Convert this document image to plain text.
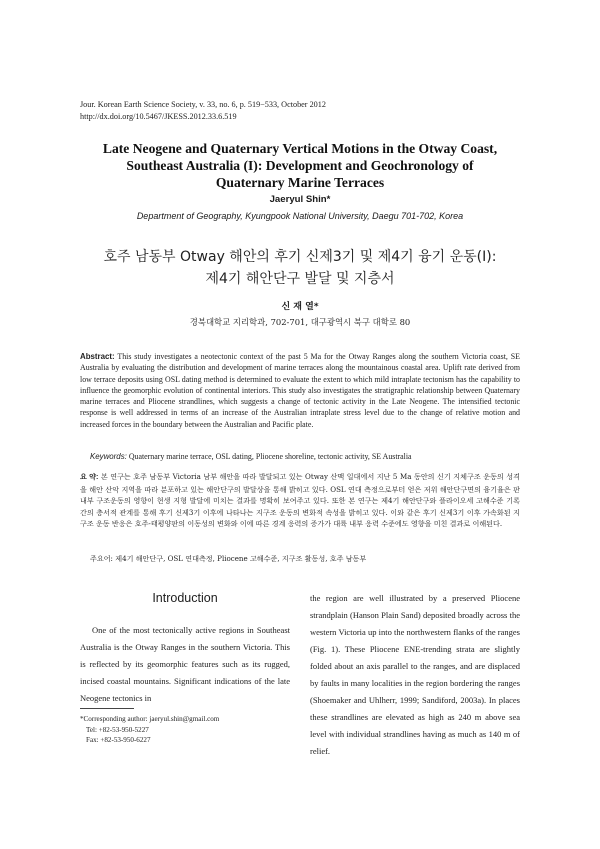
Jour. Korean Earth Science Society, v. 33, no. 6, p. 519−533, October 2012
http://dx.doi.org/10.5467/JKESS.2012.33.6.519
Late Neogene and Quaternary Vertical Motions in the Otway Coast,
Southeast Australia (I): Development and Geochronology of
Quaternary Marine Terraces
Jaeryul Shin*
Department of Geography, Kyungpook National University, Daegu 701-702, Korea
호주 남동부 Otway 해안의 후기 신제3기 및 제4기 융기 운동(I):
제4기 해안단구 발달 및 지층서
신 재 열*
경북대학교 지리학과, 702-701, 대구광역시 북구 대학로 80
Abstract: This study investigates a neotectonic context of the past 5 Ma for the Otway Ranges along the southern Victoria coast, SE Australia by evaluating the distribution and development of marine terraces along the mountainous coastal area. Uplift rate derived from low terrace deposits using OSL dating method is determined to evaluate the extent to which mild intraplate tectonism has the capability to influence the geomorphic evolution of continental interiors. This study also investigates the stratigraphic relationship between Quaternary marine terraces and Pliocene strandlines, which suggests a change of tectonic activity in the Late Neogene. The intensified tectonic response is well addressed in terms of an increase of the Australian intraplate stress level due to the change of relative motion and increased forces in the boundary between the Australian and Pacific plate.
Keywords: Quaternary marine terrace, OSL dating, Pliocene shoreline, tectonic activity, SE Australia
요 약: 본 연구는 호주 남동부 Victoria 남부 해안을 따라 발달되고 있는 Otway 산맥 일대에서 지난 5 Ma 동안의 신기 지체구조 운동의 성격을 해안 산악 지역을 따라 분포하고 있는 해안단구의 발달상을 통해 밝히고 있다. OSL 연대 측정으로부터 얻은 저위 해안단구면의 융기율은 판 내부 구조운동의 영향이 현생 지형 발달에 미치는 결과를 명확히 보여주고 있다. 또한 본 연구는 제4기 해안단구와 플라이오세 고해수준 기록 간의 층서적 관계를 통해 후기 신제3기 이후에 나타나는 지구조 운동의 변화적 속성을 밝히고 있다. 이와 같은 후기 신제3기 이후 가속화된 지구조 운동 반응은 호주-태평양판의 이동성의 변화와 이에 따른 경계 응력의 증가가 대륙 내부 응력 수준에도 영향을 미친 결과로 이해된다.
주요어: 제4기 해안단구, OSL 연대측정, Pliocene 고해수준, 지구조 활동성, 호주 남동부
Introduction

One of the most tectonically active regions in Southeast Australia is the Otway Ranges in the southern Victoria. This is reflected by its geomorphic features such as its rugged, incised coastal mountains. Significant indications of the late Neogene tectonics in

the region are well illustrated by a preserved Pliocene strandplain (Hanson Plain Sand) deposited broadly across the western Victoria up into the northwestern flanks of the ranges (Fig. 1). These Pliocene ENE-trending strata are slightly folded about an axis parallel to the ranges, and are displaced by faults in many localities in the region bordering the ranges (Shoemaker and Uhlherr, 1999; Sandiford, 2003a). In places these strandlines are elevated as high as 240 m above sea level with individual strandlines having as much as 140 m of relief.

*Corresponding author: jaeryul.shin@gmail.com
Tel: +82-53-950-5227
Fax: +82-53-950-6227
